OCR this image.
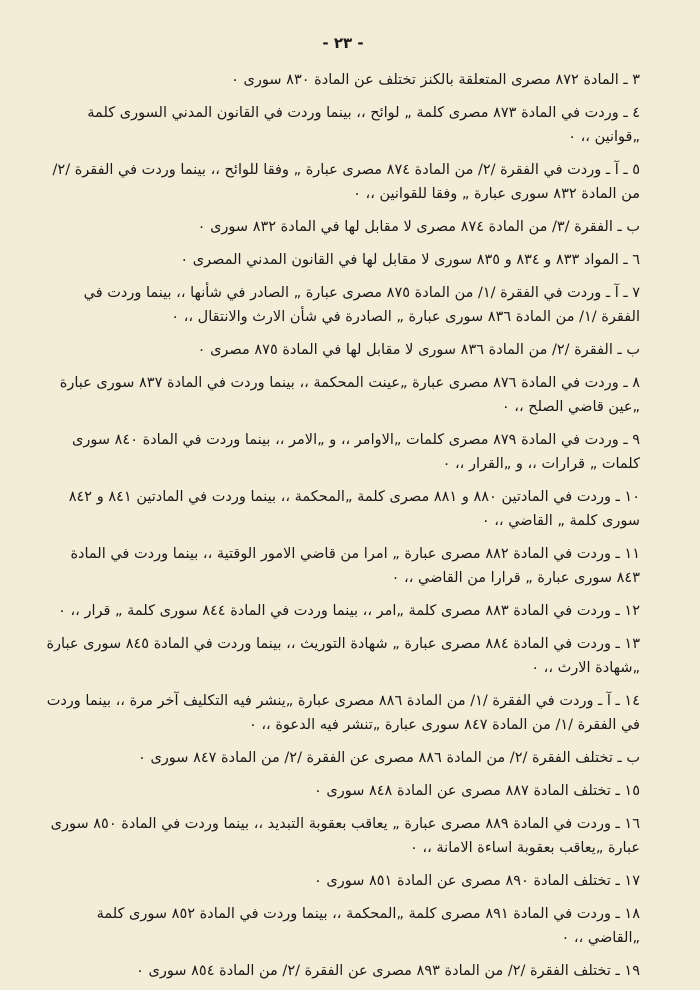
- ٢٣ -

٣ ـ المادة ٨٧٢ مصرى المتعلقة بالكنز تختلف عن المادة ٨٣٠ سورى ٠

٤ ـ وردت في المادة ٨٧٣ مصرى كلمة „ لوائح ،، بينما وردت في القانون المدني السورى كلمة „قوانين ،، ٠

٥ ـ آ ـ وردت في الفقرة /٢/ من المادة ٨٧٤ مصرى عبارة „ وفقا للوائح ،، بينما وردت في الفقرة /٢/ من المادة ٨٣٢ سورى عبارة „ وفقا للقوانين ،، ٠

ب ـ الفقرة /٣/ من المادة ٨٧٤ مصرى لا مقابل لها في المادة ٨٣٢ سورى ٠

٦ ـ المواد ٨٣٣ و ٨٣٤ و ٨٣٥ سورى لا مقابل لها في القانون المدني المصرى ٠

٧ ـ آ ـ وردت في الفقرة /١/ من المادة ٨٧٥ مصرى عبارة „ الصادر في شأنها ،، بينما وردت في الفقرة /١/ من المادة ٨٣٦ سورى عبارة „ الصادرة في شأن الارث والانتقال ،، ٠

ب ـ الفقرة /٢/ من المادة ٨٣٦ سورى لا مقابل لها في المادة ٨٧٥ مصرى ٠

٨ ـ وردت في المادة ٨٧٦ مصرى عبارة „عينت المحكمة ،، بينما وردت في المادة ٨٣٧ سورى عبارة „عين قاضي الصلح ،، ٠

٩ ـ وردت في المادة ٨٧٩ مصرى كلمات „الاوامر ،، و „الامر ،، بينما وردت في المادة ٨٤٠ سورى كلمات „ قرارات ،، و „القرار ،، ٠

١٠ ـ وردت في المادتين ٨٨٠ و ٨٨١ مصرى كلمة „المحكمة ،، بينما وردت في المادتين ٨٤١ و ٨٤٢ سورى كلمة „ القاضي ،، ٠

١١ ـ وردت في المادة ٨٨٢ مصرى عبارة „ امرا من قاضي الامور الوقتية ،، بينما وردت في المادة ٨٤٣ سورى عبارة „ قرارا من القاضي ،، ٠

١٢ ـ وردت في المادة ٨٨٣ مصرى كلمة „امر ،، بينما وردت في المادة ٨٤٤ سورى كلمة „ قرار ،، ٠

١٣ ـ وردت في المادة ٨٨٤ مصرى عبارة „ شهادة التوريث ،، بينما وردت في المادة ٨٤٥ سورى عبارة „شهادة الارث ،، ٠

١٤ ـ آ ـ وردت في الفقرة /١/ من المادة ٨٨٦ مصرى عبارة „ينشر فيه التكليف آخر مرة ،، بينما وردت في الفقرة /١/ من المادة ٨٤٧ سورى عبارة „تنشر فيه الدعوة ،، ٠

ب ـ تختلف الفقرة /٢/ من المادة ٨٨٦ مصرى عن الفقرة /٢/ من المادة ٨٤٧ سورى ٠

١٥ ـ تختلف المادة ٨٨٧ مصرى عن المادة ٨٤٨ سورى ٠

١٦ ـ وردت في المادة ٨٨٩ مصرى عبارة „ يعاقب بعقوبة التبديد ،، بينما وردت في المادة ٨٥٠ سورى عبارة „يعاقب بعقوبة اساءة الامانة ،، ٠

١٧ ـ تختلف المادة ٨٩٠ مصرى عن المادة ٨٥١ سورى ٠

١٨ ـ وردت في المادة ٨٩١ مصرى كلمة „المحكمة ،، بينما وردت في المادة ٨٥٢ سورى كلمة „القاضي ،، ٠

١٩ ـ تختلف الفقرة /٢/ من المادة ٨٩٣ مصرى عن الفقرة /٢/ من المادة ٨٥٤ سورى ٠
